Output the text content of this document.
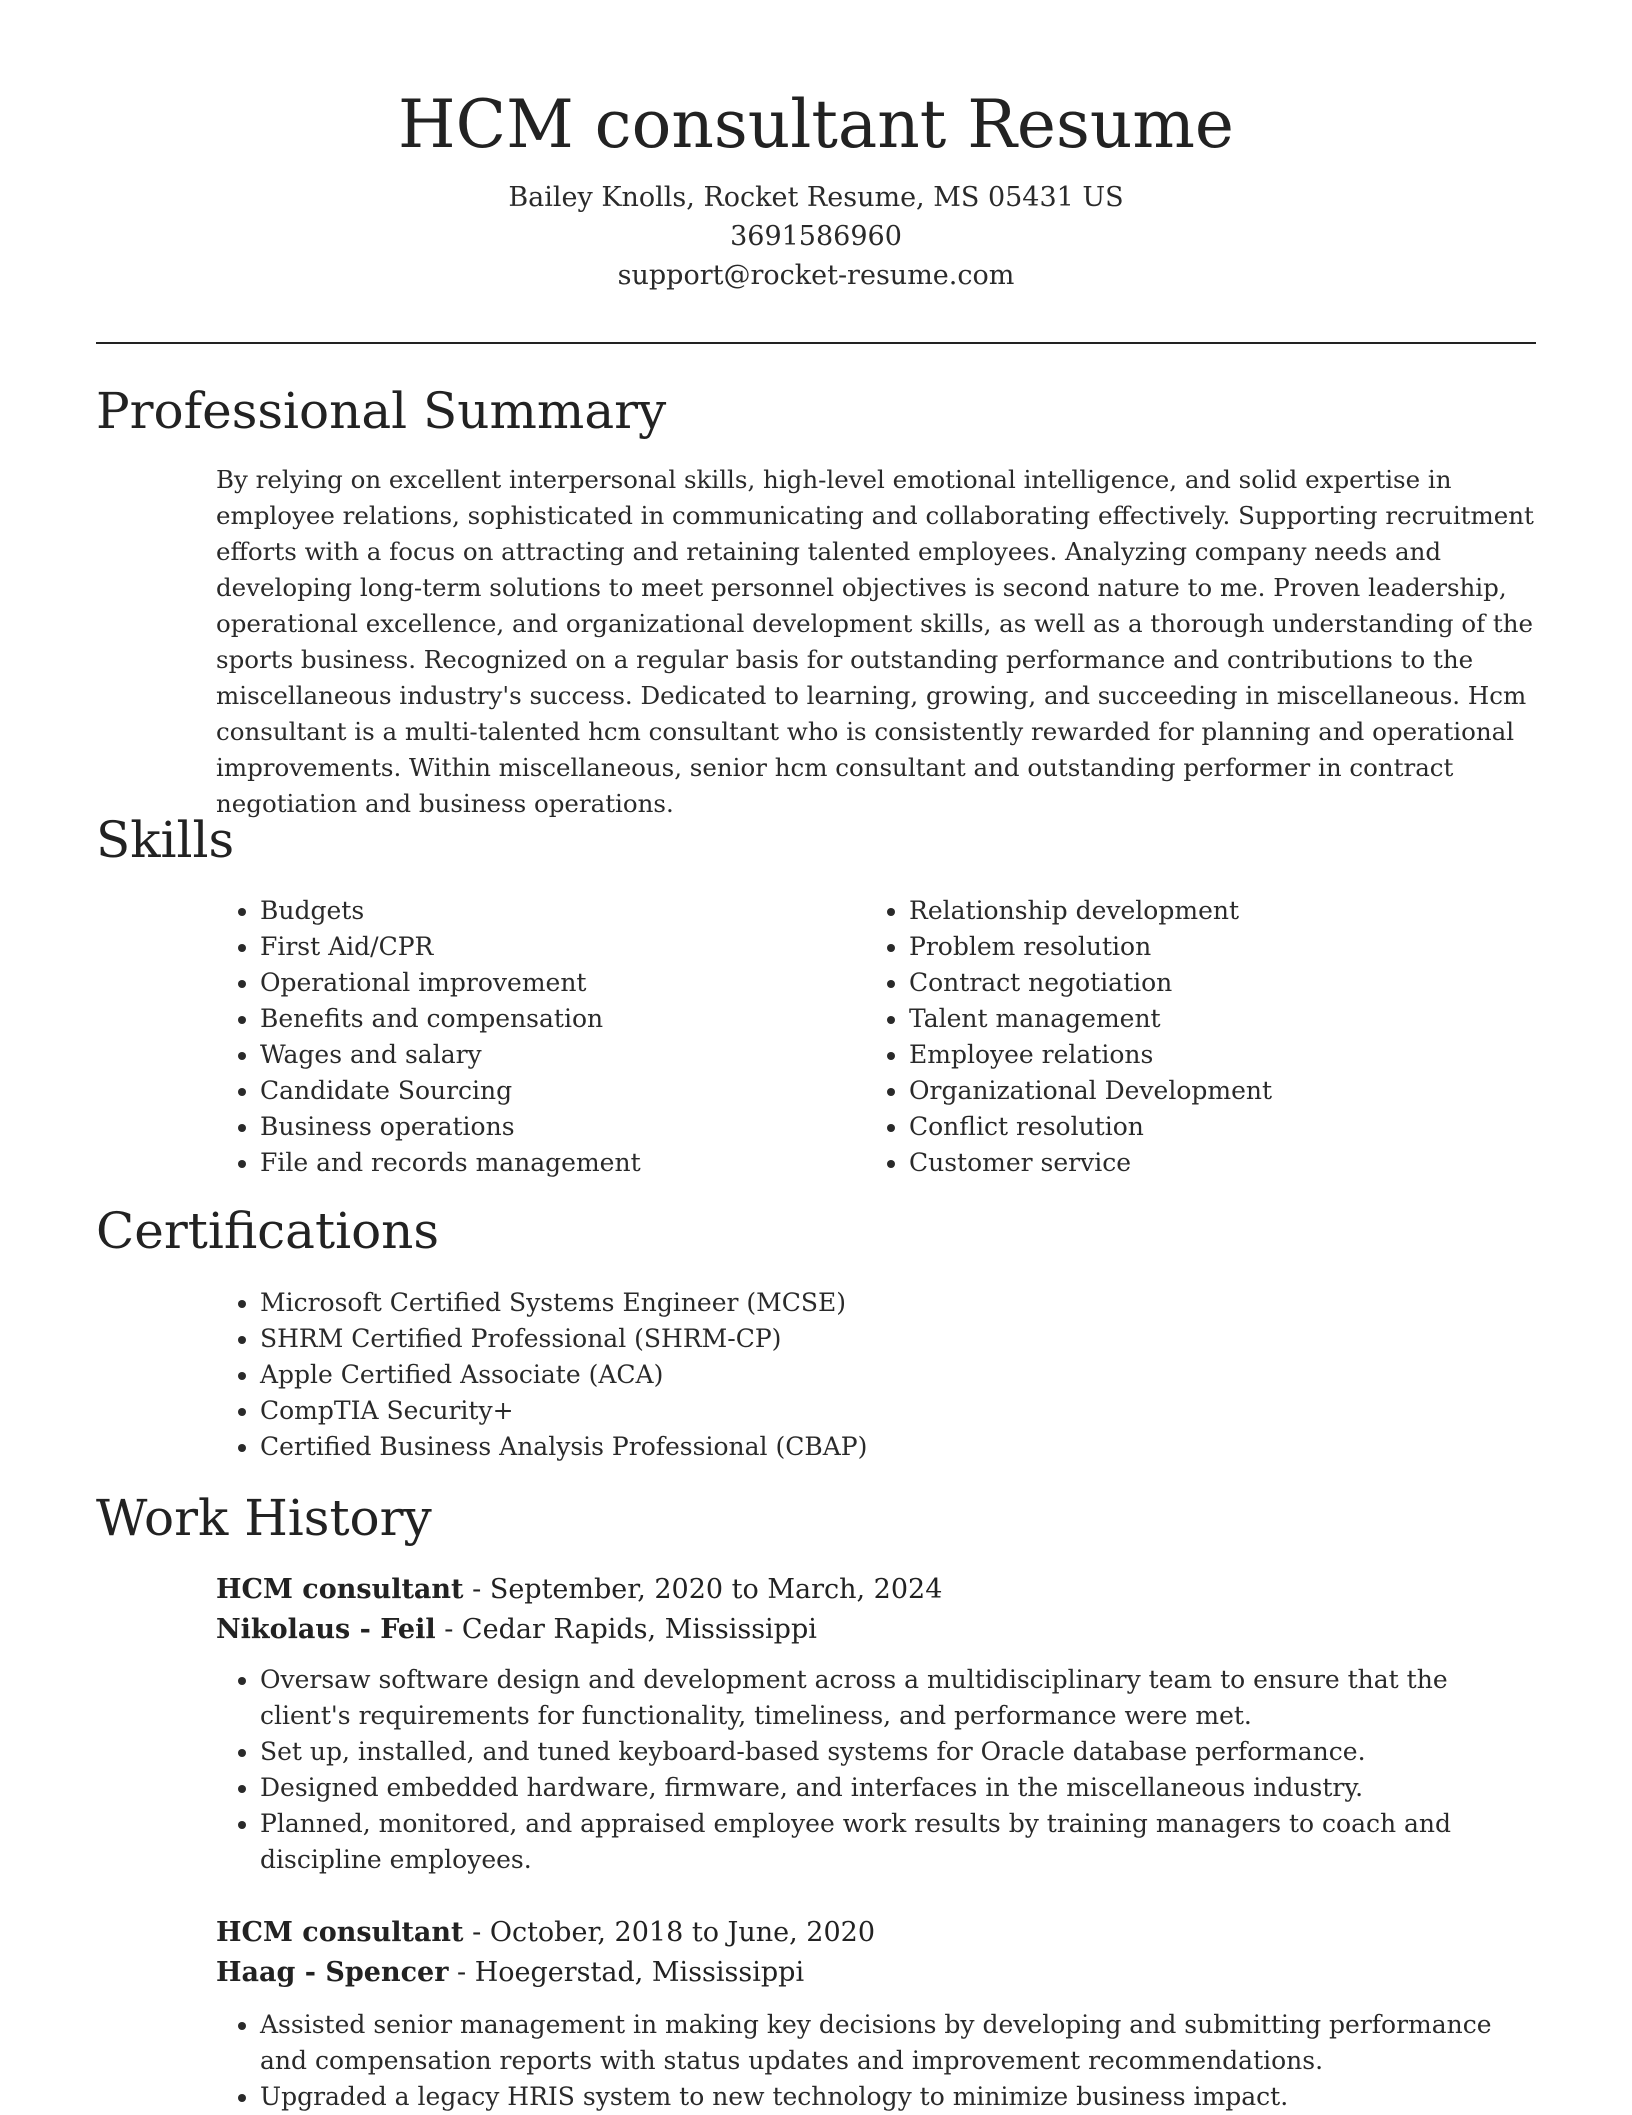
HCM consultant Resume
Bailey Knolls, Rocket Resume, MS 05431 US
3691586960
support@rocket-resume.com
Professional Summary

By relying on excellent interpersonal skills, high-level emotional intelligence, and solid expertise in employee relations, sophisticated in communicating and collaborating effectively. Supporting recruitment efforts with a focus on attracting and retaining talented employees. Analyzing company needs and developing long-term solutions to meet personnel objectives is second nature to me. Proven leadership, operational excellence, and organizational development skills, as well as a thorough understanding of the sports business. Recognized on a regular basis for outstanding performance and contributions to the miscellaneous industry's success. Dedicated to learning, growing, and succeeding in miscellaneous. Hcm consultant is a multi-talented hcm consultant who is consistently rewarded for planning and operational improvements. Within miscellaneous, senior hcm consultant and outstanding performer in contract negotiation and business operations.

Skills
• Budgets
• First Aid/CPR
• Operational improvement
• Benefits and compensation
• Wages and salary
• Candidate Sourcing
• Business operations
• File and records management
• Relationship development
• Problem resolution
• Contract negotiation
• Talent management
• Employee relations
• Organizational Development
• Conflict resolution
• Customer service
Certifications
• Microsoft Certified Systems Engineer (MCSE)
• SHRM Certified Professional (SHRM-CP)
• Apple Certified Associate (ACA)
• CompTIA Security+
• Certified Business Analysis Professional (CBAP)
Work History
HCM consultant - September, 2020 to March, 2024
Nikolaus - Feil - Cedar Rapids, Mississippi
• Oversaw software design and development across a multidisciplinary team to ensure that the client's requirements for functionality, timeliness, and performance were met.
• Set up, installed, and tuned keyboard-based systems for Oracle database performance.
• Designed embedded hardware, firmware, and interfaces in the miscellaneous industry.
• Planned, monitored, and appraised employee work results by training managers to coach and discipline employees.
HCM consultant - October, 2018 to June, 2020
Haag - Spencer - Hoegerstad, Mississippi
• Assisted senior management in making key decisions by developing and submitting performance and compensation reports with status updates and improvement recommendations.
• Upgraded a legacy HRIS system to new technology to minimize business impact.
